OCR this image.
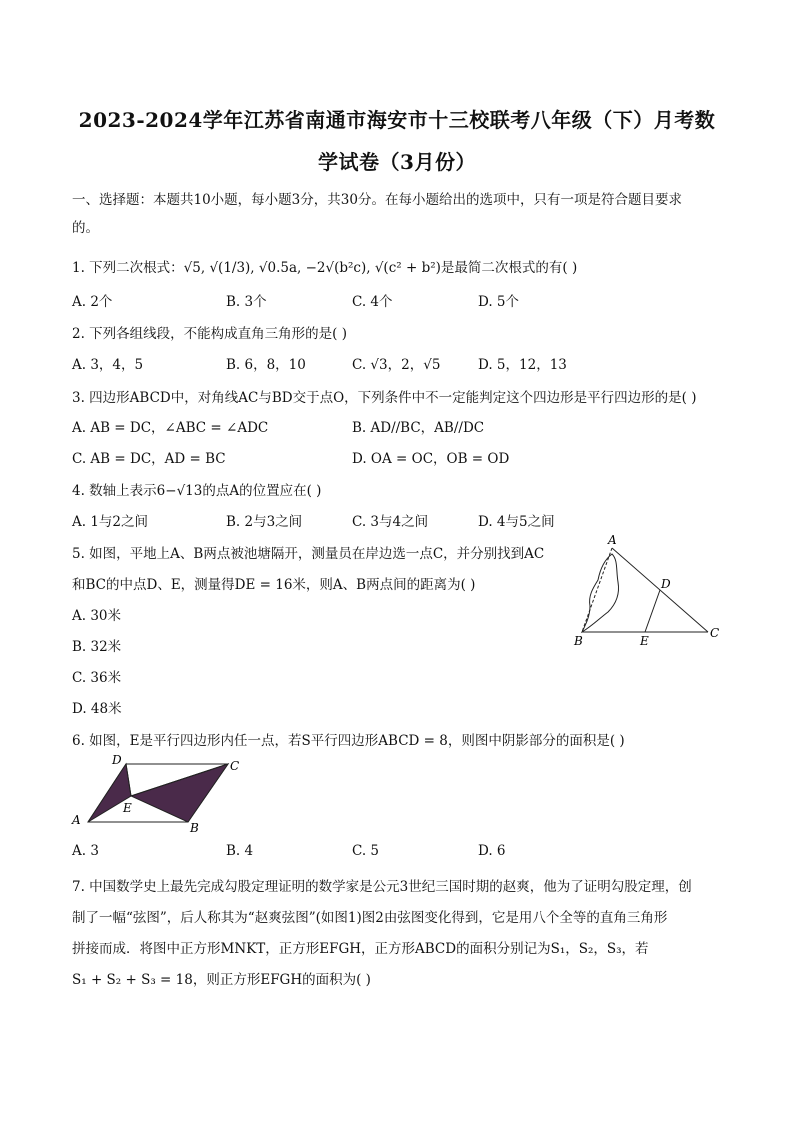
2023-2024学年江苏省南通市海安市十三校联考八年级（下）月考数
学试卷（3月份）
一、选择题：本题共10小题，每小题3分，共30分。在每小题给出的选项中，只有一项是符合题目要求
的。
1. 下列二次根式：√5, √(1/3), √0.5a, −2√(b²c), √(c² + b²)是最简二次根式的有( )
A. 2个	B. 3个	C. 4个	D. 5个
2. 下列各组线段，不能构成直角三角形的是( )
A. 3，4，5	B. 6，8，10	C. √3，2，√5	D. 5，12，13
3. 四边形ABCD中，对角线AC与BD交于点O，下列条件中不一定能判定这个四边形是平行四边形的是( )
A. AB = DC，∠ABC = ∠ADC	B. AD//BC，AB//DC
C. AB = DC，AD = BC	D. OA = OC，OB = OD
4. 数轴上表示6−√13的点A的位置应在( )
A. 1与2之间	B. 2与3之间	C. 3与4之间	D. 4与5之间
5. 如图，平地上A、B两点被池塘隔开，测量员在岸边选一点C，并分别找到AC
和BC的中点D、E，测量得DE = 16米，则A、B两点间的距离为( )
A. 30米
B. 32米
C. 36米
D. 48米
A
B
C
D
E
6. 如图，E是平行四边形内任一点，若S平行四边形ABCD = 8，则图中阴影部分的面积是( )
A
B
C
D
E
A. 3	B. 4	C. 5	D. 6
7. 中国数学史上最先完成勾股定理证明的数学家是公元3世纪三国时期的赵爽，他为了证明勾股定理，创
制了一幅“弦图”，后人称其为“赵爽弦图”(如图1)图2由弦图变化得到，它是用八个全等的直角三角形
拼接而成．将图中正方形MNKT，正方形EFGH，正方形ABCD的面积分别记为S₁，S₂，S₃，若
S₁ + S₂ + S₃ = 18，则正方形EFGH的面积为( )
